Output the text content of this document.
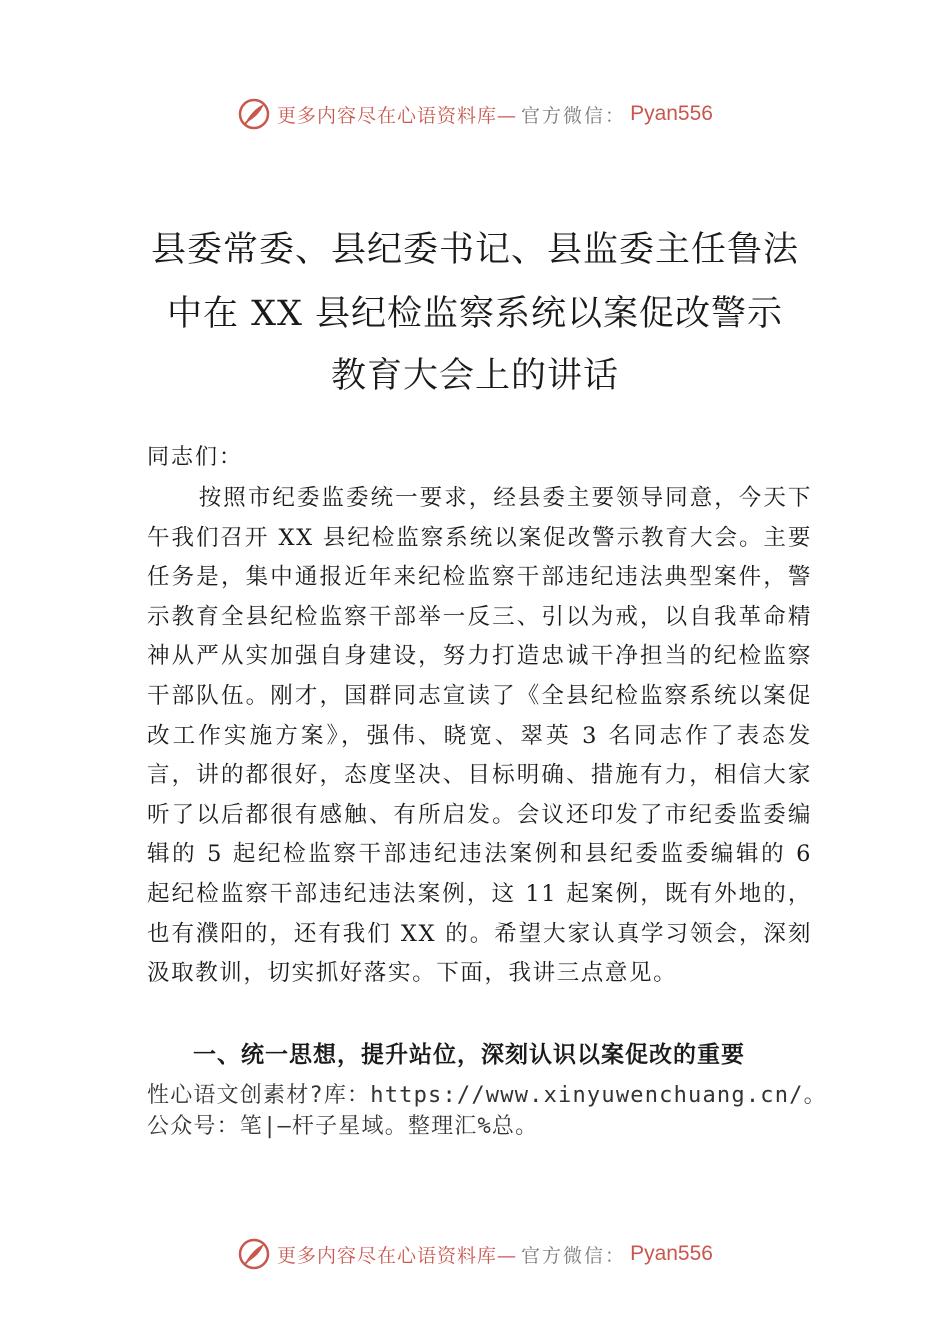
更多内容尽在心语资料库— 官方微信： Pyan556
县委常委、县纪委书记、县监委主任鲁法
中在 XX 县纪检监察系统以案促改警示
教育大会上的讲话
同志们：

按照市纪委监委统一要求，经县委主要领导同意，今天下午我们召开 XX 县纪检监察系统以案促改警示教育大会。主要任务是，集中通报近年来纪检监察干部违纪违法典型案件，警示教育全县纪检监察干部举一反三、引以为戒，以自我革命精神从严从实加强自身建设，努力打造忠诚干净担当的纪检监察干部队伍。刚才，国群同志宣读了《全县纪检监察系统以案促改工作实施方案》，强伟、晓宽、翠英 3 名同志作了表态发言，讲的都很好，态度坚决、目标明确、措施有力，相信大家听了以后都很有感触、有所启发。会议还印发了市纪委监委编辑的 5 起纪检监察干部违纪违法案例和县纪委监委编辑的 6 起纪检监察干部违纪违法案例，这 11 起案例，既有外地的，也有濮阳的，还有我们 XX 的。希望大家认真学习领会，深刻汲取教训，切实抓好落实。下面，我讲三点意见。

一、统一思想，提升站位，深刻认识以案促改的重要

性心语文创素材?库：https://www.xinyuwenchuang.cn/。公众号：笔|—杆子星域。整理汇%总。

更多内容尽在心语资料库— 官方微信： Pyan556
